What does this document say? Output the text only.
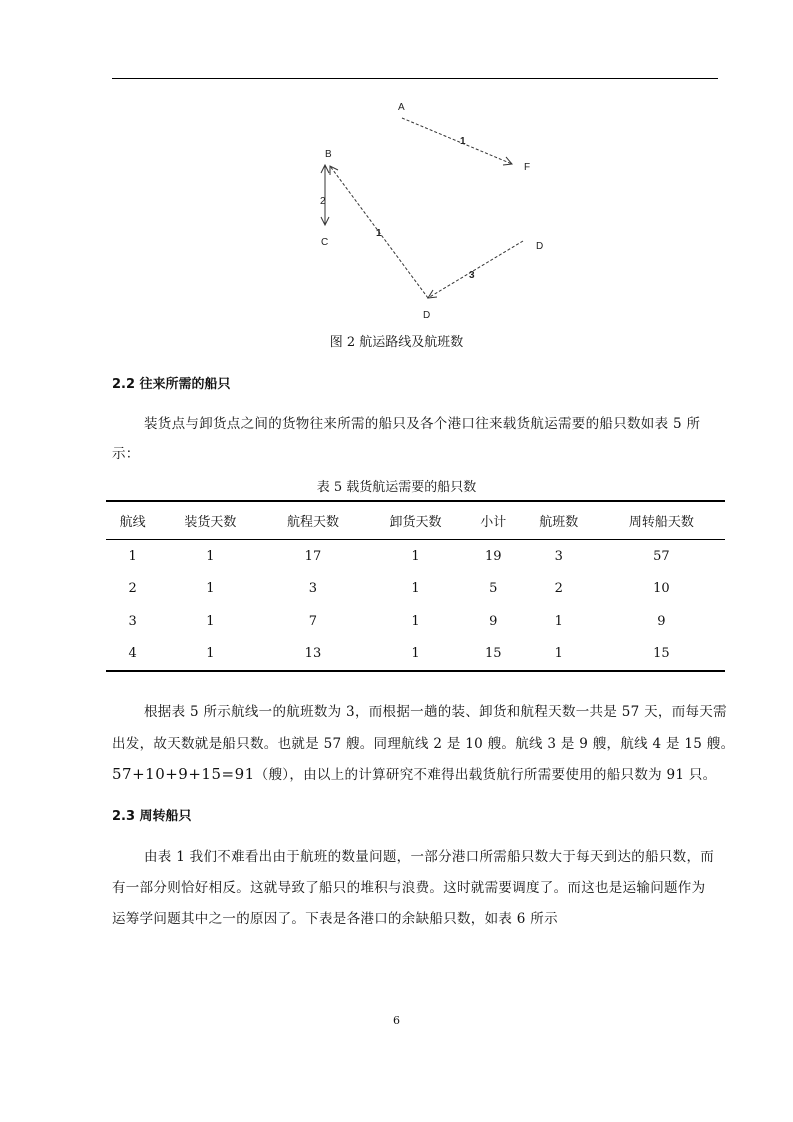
A
F
B
C	D
D
1
2
1
3
图 2 航运路线及航班数
2.2 往来所需的船只
装货点与卸货点之间的货物往来所需的船只及各个港口往来载货航运需要的船只数如表 5 所
示：
表 5 载货航运需要的船只数
航线	装货天数	航程天数	卸货天数	小计	航班数	周转船天数
1	1	17	1	19	3	57
2	1	3	1	5	2	10
3	1	7	1	9	1	9
4	1	13	1	15	1	15
根据表 5 所示航线一的航班数为 3，而根据一趟的装、卸货和航程天数一共是 57 天，而每天需
出发，故天数就是船只数。也就是 57 艘。同理航线 2 是 10 艘。航线 3 是 9 艘，航线 4 是 15 艘。
57+10+9+15=91（艘），由以上的计算研究不难得出载货航行所需要使用的船只数为 91 只。
2.3 周转船只
由表 1 我们不难看出由于航班的数量问题，一部分港口所需船只数大于每天到达的船只数，而
有一部分则恰好相反。这就导致了船只的堆积与浪费。这时就需要调度了。而这也是运输问题作为
运筹学问题其中之一的原因了。下表是各港口的余缺船只数，如表 6 所示
6
